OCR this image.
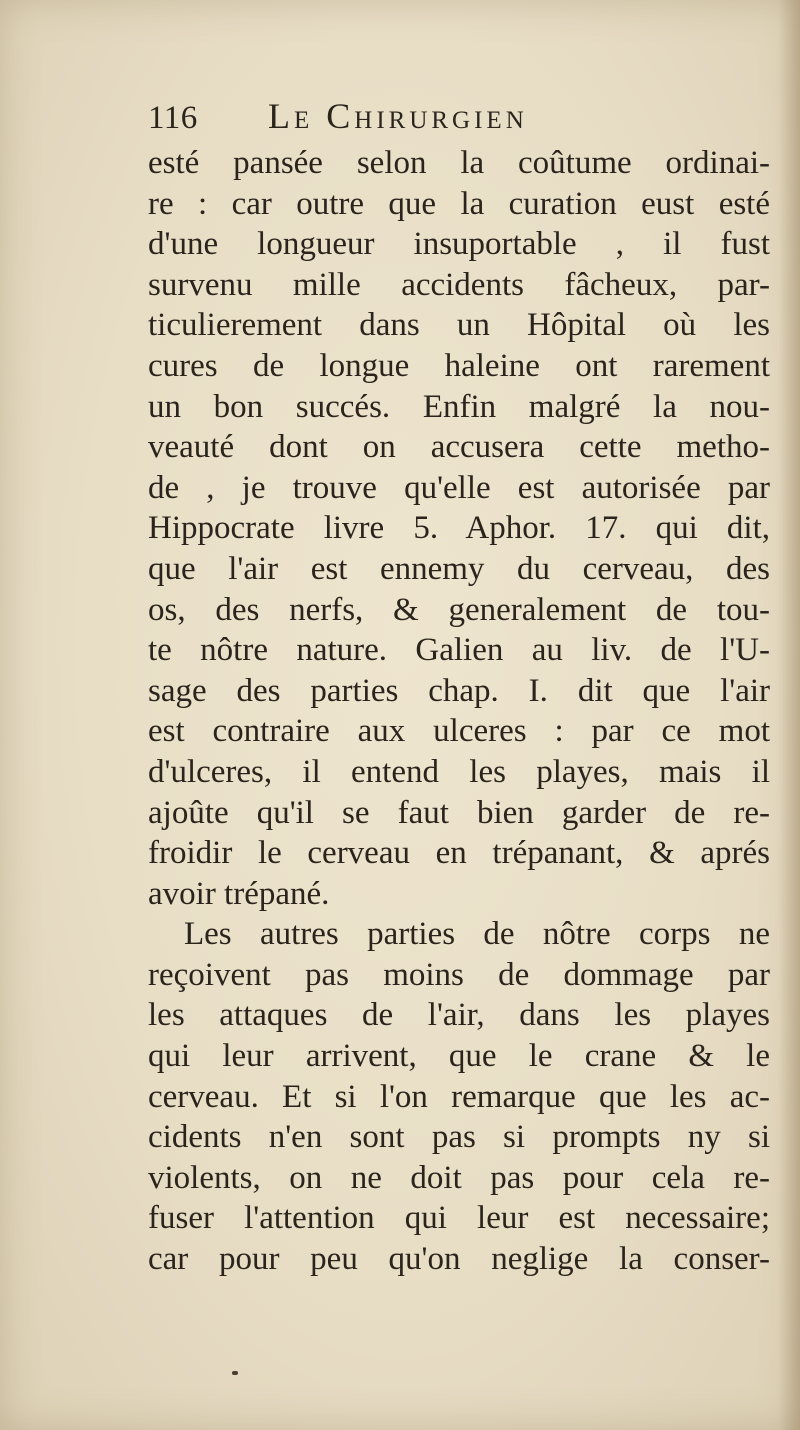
116	Le Chirurgien
esté pansée selon la coûtume ordinai-
re : car outre que la curation eust esté
d'une longueur insuportable , il fust
survenu mille accidents fâcheux, par-
ticulierement dans un Hôpital où les
cures de longue haleine ont rarement
un bon succés. Enfin malgré la nou-
veauté dont on accusera cette metho-
de , je trouve qu'elle est autorisée par
Hippocrate livre 5. Aphor. 17. qui dit,
que l'air est ennemy du cerveau, des
os, des nerfs, & generalement de tou-
te nôtre nature. Galien au liv. de l'U-
sage des parties chap. I. dit que l'air
est contraire aux ulceres : par ce mot
d'ulceres, il entend les playes, mais il
ajoûte qu'il se faut bien garder de re-
froidir le cerveau en trépanant, & aprés
avoir trépané.
Les autres parties de nôtre corps ne
reçoivent pas moins de dommage par
les attaques de l'air, dans les playes
qui leur arrivent, que le crane & le
cerveau. Et si l'on remarque que les ac-
cidents n'en sont pas si prompts ny si
violents, on ne doit pas pour cela re-
fuser l'attention qui leur est necessaire;
car pour peu qu'on neglige la conser-
